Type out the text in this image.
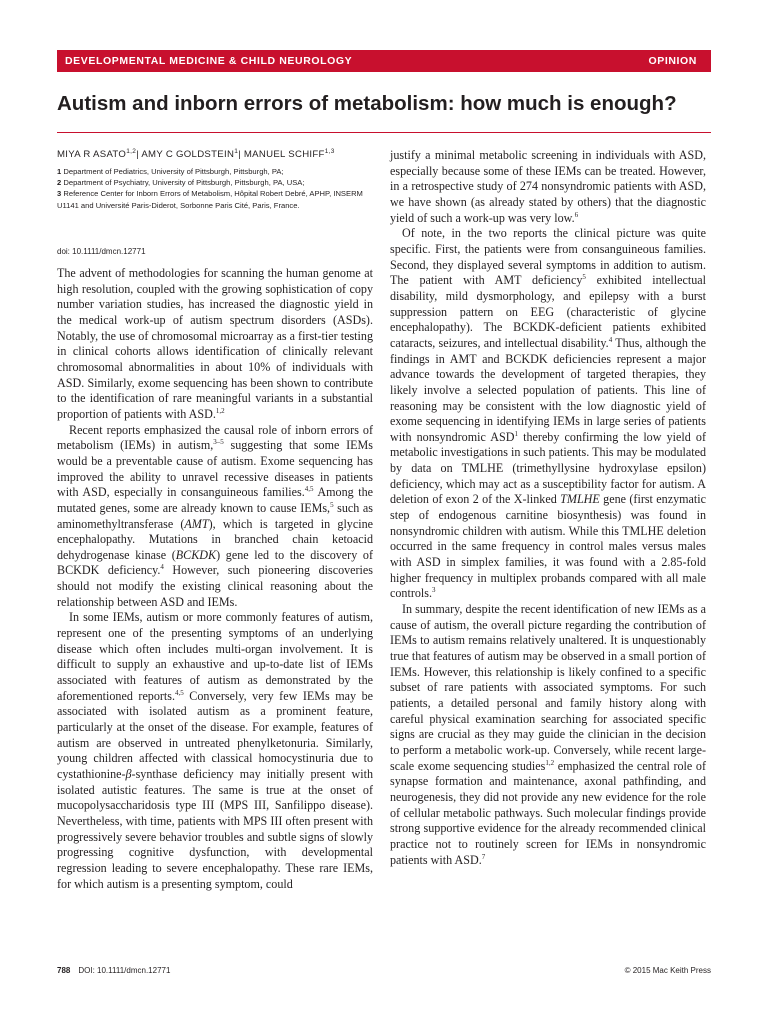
DEVELOPMENTAL MEDICINE & CHILD NEUROLOGY	OPINION
Autism and inborn errors of metabolism: how much is enough?
MIYA R ASATO$^{1,2}$| AMY C GOLDSTEIN$^1$| MANUEL SCHIFF$^{1,3}$
1 Department of Pediatrics, University of Pittsburgh, Pittsburgh, PA;
2 Department of Psychiatry, University of Pittsburgh, Pittsburgh, PA, USA;
3 Reference Center for Inborn Errors of Metabolism, Hôpital Robert Debré, APHP, INSERM U1141 and Université Paris-Diderot, Sorbonne Paris Cité, Paris, France.
doi: 10.1111/dmcn.12771

The advent of methodologies for scanning the human genome at high resolution, coupled with the growing sophistication of copy number variation studies, has increased the diagnostic yield in the medical work-up of autism spectrum disorders (ASDs). Notably, the use of chromosomal microarray as a first-tier testing in clinical cohorts allows identification of clinically relevant chromosomal abnormalities in about 10% of individuals with ASD. Similarly, exome sequencing has been shown to contribute to the identification of rare meaningful variants in a substantial proportion of patients with ASD.$^{1,2}$

Recent reports emphasized the causal role of inborn errors of metabolism (IEMs) in autism,$^{3-5}$ suggesting that some IEMs would be a preventable cause of autism. Exome sequencing has improved the ability to unravel recessive diseases in patients with ASD, especially in consanguineous families.$^{4,5}$ Among the mutated genes, some are already known to cause IEMs,$^5$ such as aminomethyltransferase (AMT), which is targeted in glycine encephalopathy. Mutations in branched chain ketoacid dehydrogenase kinase (BCKDK) gene led to the discovery of BCKDK deficiency.$^4$ However, such pioneering discoveries should not modify the existing clinical reasoning about the relationship between ASD and IEMs.

In some IEMs, autism or more commonly features of autism, represent one of the presenting symptoms of an underlying disease which often includes multi-organ involvement. It is difficult to supply an exhaustive and up-to-date list of IEMs associated with features of autism as demonstrated by the aforementioned reports.$^{4,5}$ Conversely, very few IEMs may be associated with isolated autism as a prominent feature, particularly at the onset of the disease. For example, features of autism are observed in untreated phenylketonuria. Similarly, young children affected with classical homocystinuria due to cystathionine-β-synthase deficiency may initially present with isolated autistic features. The same is true at the onset of mucopolysaccharidosis type III (MPS III, Sanfilippo disease). Nevertheless, with time, patients with MPS III often present with progressively severe behavior troubles and subtle signs of slowly progressing cognitive dysfunction, with developmental regression leading to severe encephalopathy. These rare IEMs, for which autism is a presenting symptom, could

justify a minimal metabolic screening in individuals with ASD, especially because some of these IEMs can be treated. However, in a retrospective study of 274 nonsyndromic patients with ASD, we have shown (as already stated by others) that the diagnostic yield of such a work-up was very low.$^6$

Of note, in the two reports the clinical picture was quite specific. First, the patients were from consanguineous families. Second, they displayed several symptoms in addition to autism. The patient with AMT deficiency$^5$ exhibited intellectual disability, mild dysmorphology, and epilepsy with a burst suppression pattern on EEG (characteristic of glycine encephalopathy). The BCKDK-deficient patients exhibited cataracts, seizures, and intellectual disability.$^4$ Thus, although the findings in AMT and BCKDK deficiencies represent a major advance towards the development of targeted therapies, they likely involve a selected population of patients. This line of reasoning may be consistent with the low diagnostic yield of exome sequencing in identifying IEMs in large series of patients with nonsyndromic ASD$^1$ thereby confirming the low yield of metabolic investigations in such patients. This may be modulated by data on TMLHE (trimethyllysine hydroxylase epsilon) deficiency, which may act as a susceptibility factor for autism. A deletion of exon 2 of the X-linked TMLHE gene (first enzymatic step of endogenous carnitine biosynthesis) was found in nonsyndromic children with autism. While this TMLHE deletion occurred in the same frequency in control males versus males with ASD in simplex families, it was found with a 2.85-fold higher frequency in multiplex probands compared with all male controls.$^3$

In summary, despite the recent identification of new IEMs as a cause of autism, the overall picture regarding the contribution of IEMs to autism remains relatively unaltered. It is unquestionably true that features of autism may be observed in a small portion of IEMs. However, this relationship is likely confined to a specific subset of rare patients with associated symptoms. For such patients, a detailed personal and family history along with careful physical examination searching for associated specific signs are crucial as they may guide the clinician in the decision to perform a metabolic work-up. Conversely, while recent large-scale exome sequencing studies$^{1,2}$ emphasized the central role of synapse formation and maintenance, axonal pathfinding, and neurogenesis, they did not provide any new evidence for the role of cellular metabolic pathways. Such molecular findings provide strong supportive evidence for the already recommended clinical practice not to routinely screen for IEMs in nonsyndromic patients with ASD.$^7$

788 DOI: 10.1111/dmcn.12771	© 2015 Mac Keith Press
